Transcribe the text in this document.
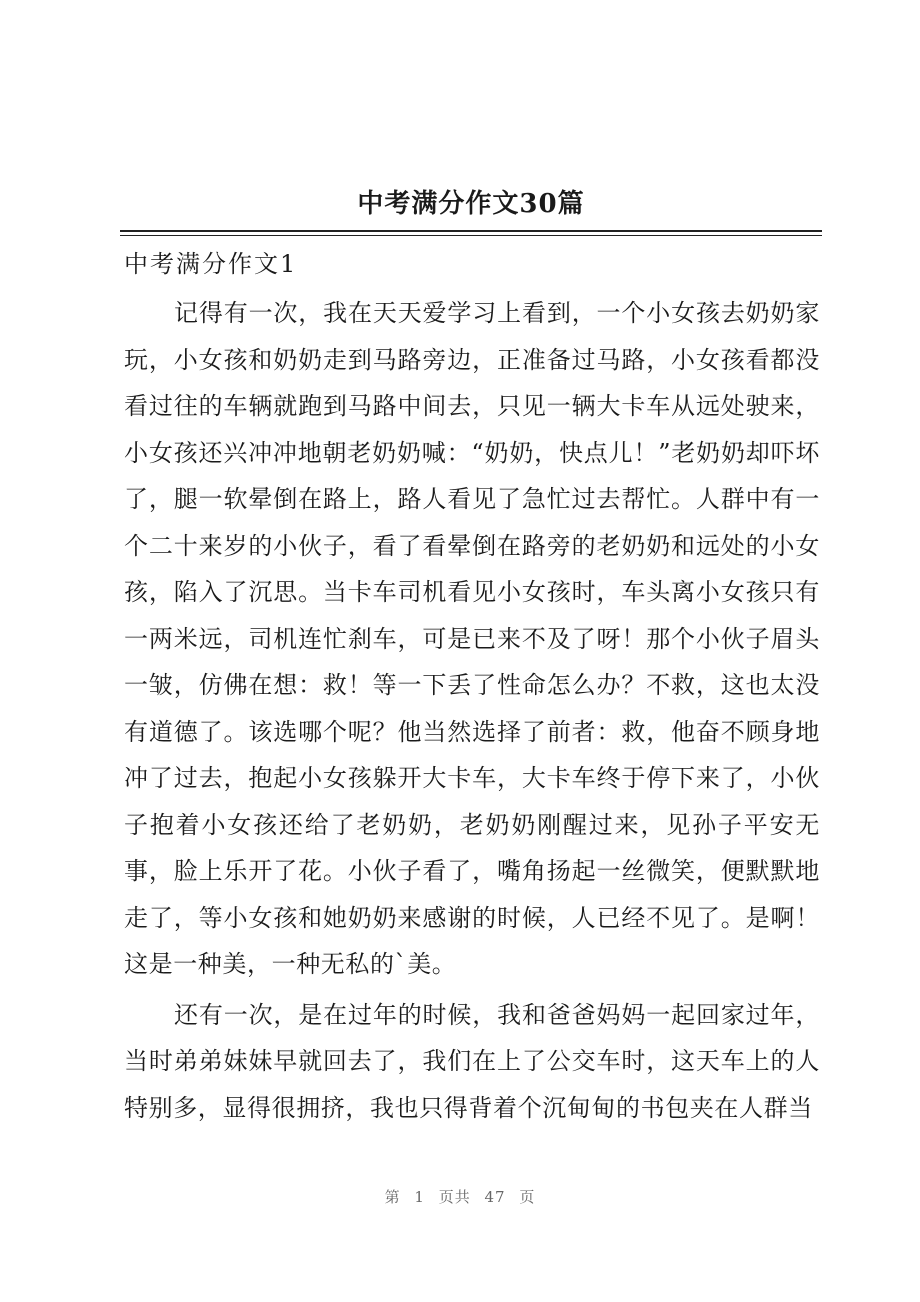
中考满分作文30篇
中考满分作文1

记得有一次，我在天天爱学习上看到，一个小女孩去奶奶家玩，小女孩和奶奶走到马路旁边，正准备过马路，小女孩看都没看过往的车辆就跑到马路中间去，只见一辆大卡车从远处驶来，小女孩还兴冲冲地朝老奶奶喊：“奶奶，快点儿！”老奶奶却吓坏了，腿一软晕倒在路上，路人看见了急忙过去帮忙。人群中有一个二十来岁的小伙子，看了看晕倒在路旁的老奶奶和远处的小女孩，陷入了沉思。当卡车司机看见小女孩时，车头离小女孩只有一两米远，司机连忙刹车，可是已来不及了呀！那个小伙子眉头一皱，仿佛在想：救！等一下丢了性命怎么办？不救，这也太没有道德了。该选哪个呢？他当然选择了前者：救，他奋不顾身地冲了过去，抱起小女孩躲开大卡车，大卡车终于停下来了，小伙子抱着小女孩还给了老奶奶，老奶奶刚醒过来，见孙子平安无事，脸上乐开了花。小伙子看了，嘴角扬起一丝微笑，便默默地走了，等小女孩和她奶奶来感谢的时候，人已经不见了。是啊！这是一种美，一种无私的`美。

还有一次，是在过年的时候，我和爸爸妈妈一起回家过年，当时弟弟妹妹早就回去了，我们在上了公交车时，这天车上的人特别多，显得很拥挤，我也只得背着个沉甸甸的书包夹在人群当

第 1 页共 47 页
